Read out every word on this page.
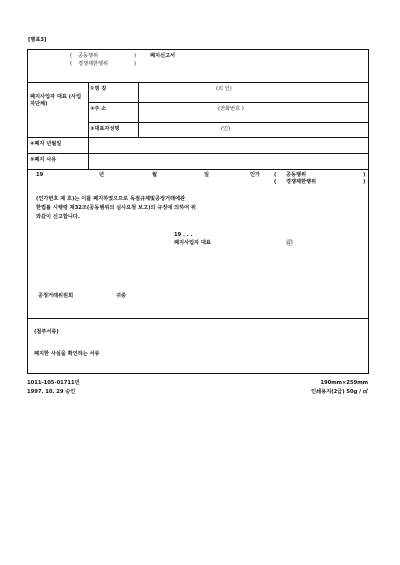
[별표3]
( 공동행위	)
( 경쟁제한행위	)
폐지신고서
폐지사업자 대표 (사업자단체)
①명 칭	(외 인)
②주 소	(전화번호 )
③대표자성명	(인)
④폐지 년월일
⑤폐지 사유
19	년	월	일	인가	( 공동행위	)
( 경쟁제한행위	)
(인가번호 제 호)는 이를 폐지하였으므로 독점규제및공정거래에관
한법률 시행령 제32조(공동행위의 심사요청 보고)의 규정에 의하여 위
와같이 신고합니다.
19 . . .
폐지사업자 대표	㊞
공정거래위원회	귀중
(첨부서류)
폐지한 사실을 확인하는 서류
1011-105-01711민
1997. 10. 29 승인
190mm×259mm
인쇄용지(2급) 50g / ㎡
